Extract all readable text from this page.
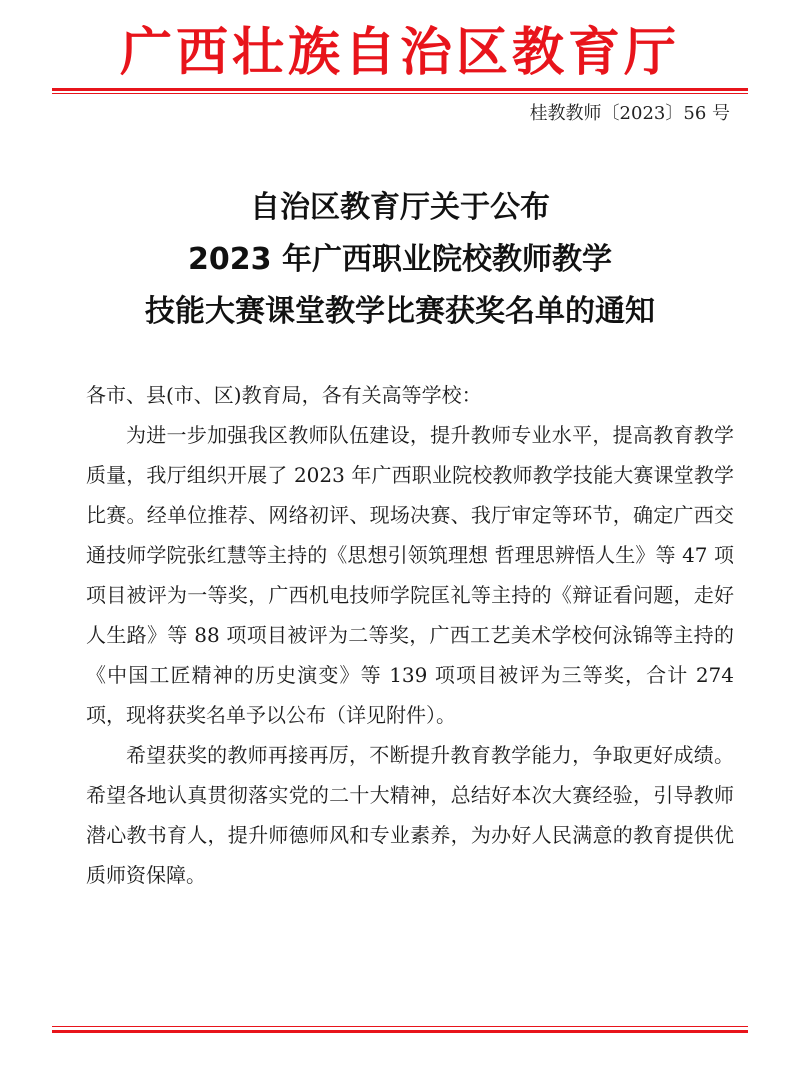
广西壮族自治区教育厅
桂教教师〔2023〕56 号
自治区教育厅关于公布
2023 年广西职业院校教师教学
技能大赛课堂教学比赛获奖名单的通知

各市、县(市、区)教育局，各有关高等学校：

为进一步加强我区教师队伍建设，提升教师专业水平，提高教育教学质量，我厅组织开展了 2023 年广西职业院校教师教学技能大赛课堂教学比赛。经单位推荐、网络初评、现场决赛、我厅审定等环节，确定广西交通技师学院张红慧等主持的《思想引领筑理想 哲理思辨悟人生》等 47 项项目被评为一等奖，广西机电技师学院匡礼等主持的《辩证看问题，走好人生路》等 88 项项目被评为二等奖，广西工艺美术学校何泳锦等主持的《中国工匠精神的历史演变》等 139 项项目被评为三等奖，合计 274 项，现将获奖名单予以公布（详见附件）。

希望获奖的教师再接再厉，不断提升教育教学能力，争取更好成绩。希望各地认真贯彻落实党的二十大精神，总结好本次大赛经验，引导教师潜心教书育人，提升师德师风和专业素养，为办好人民满意的教育提供优质师资保障。
